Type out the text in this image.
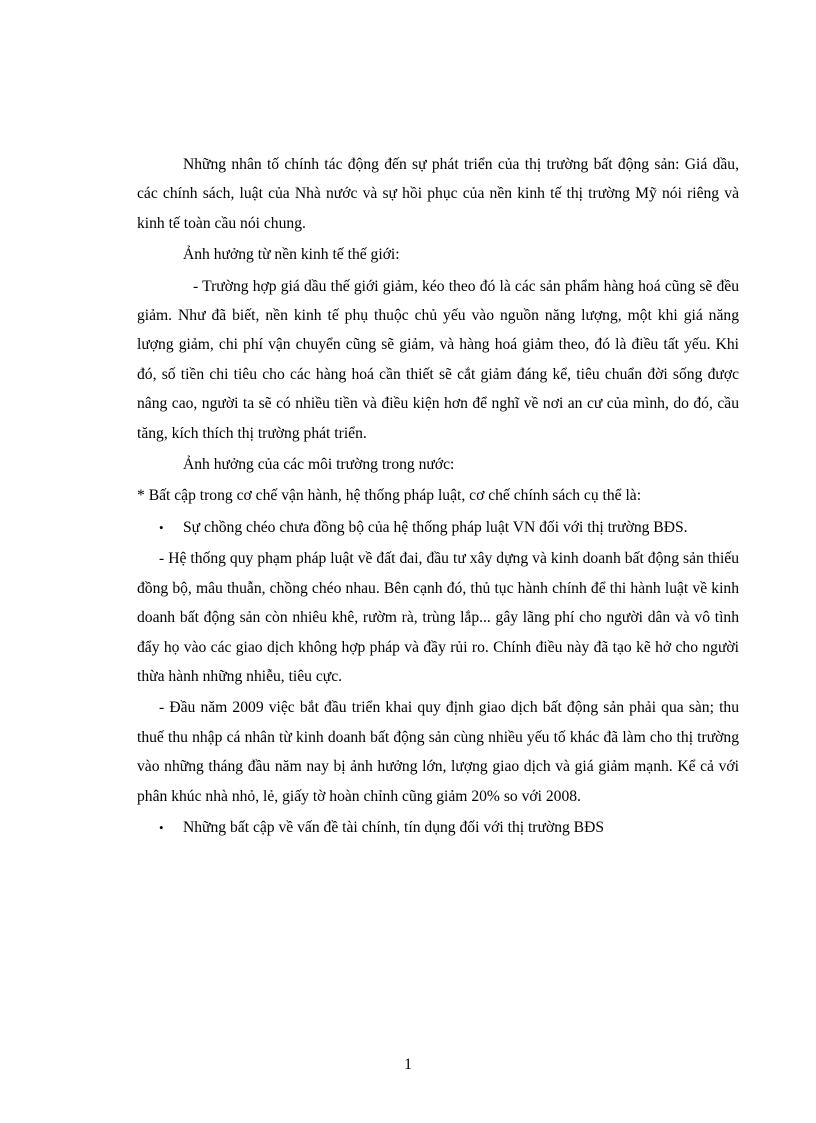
Những nhân tố chính tác động đến sự phát triển của thị trường bất động sản: Giá dầu, các chính sách, luật của Nhà nước và sự hồi phục của nền kinh tế thị trường Mỹ nói riêng và kinh tế toàn cầu nói chung.

Ảnh hưởng từ nền kinh tế thế giới:

- Trường hợp giá dầu thế giới giảm, kéo theo đó là các sản phẩm hàng hoá cũng sẽ đều giảm. Như đã biết, nền kinh tế phụ thuộc chủ yếu vào nguồn năng lượng, một khi giá năng lượng giảm, chi phí vận chuyển cũng sẽ giảm, và hàng hoá giảm theo, đó là điều tất yếu. Khi đó, số tiền chi tiêu cho các hàng hoá cần thiết sẽ cắt giảm đáng kể, tiêu chuẩn đời sống được nâng cao, người ta sẽ có nhiều tiền và điều kiện hơn để nghĩ về nơi an cư của mình, do đó, cầu tăng, kích thích thị trường phát triển.

Ảnh hưởng của các môi trường trong nước:

* Bất cập trong cơ chế vận hành, hệ thống pháp luật, cơ chế chính sách cụ thể là:

• Sự chồng chéo chưa đồng bộ của hệ thống pháp luật VN đối với thị trường BĐS.

- Hệ thống quy phạm pháp luật về đất đai, đầu tư xây dựng và kinh doanh bất động sản thiếu đồng bộ, mâu thuẫn, chồng chéo nhau. Bên cạnh đó, thủ tục hành chính để thi hành luật về kinh doanh bất động sản còn nhiêu khê, rườm rà, trùng lắp... gây lãng phí cho người dân và vô tình đẩy họ vào các giao dịch không hợp pháp và đầy rủi ro. Chính điều này đã tạo kẽ hở cho người thừa hành những nhiễu, tiêu cực.

- Đầu năm 2009 việc bắt đầu triển khai quy định giao dịch bất động sản phải qua sàn; thu thuế thu nhập cá nhân từ kinh doanh bất động sản cùng nhiều yếu tố khác đã làm cho thị trường vào những tháng đầu năm nay bị ảnh hưởng lớn, lượng giao dịch và giá giảm mạnh. Kể cả với phân khúc nhà nhỏ, lẻ, giấy tờ hoàn chỉnh cũng giảm 20% so với 2008.

• Những bất cập về vấn đề tài chính, tín dụng đối với thị trường BĐS

1
